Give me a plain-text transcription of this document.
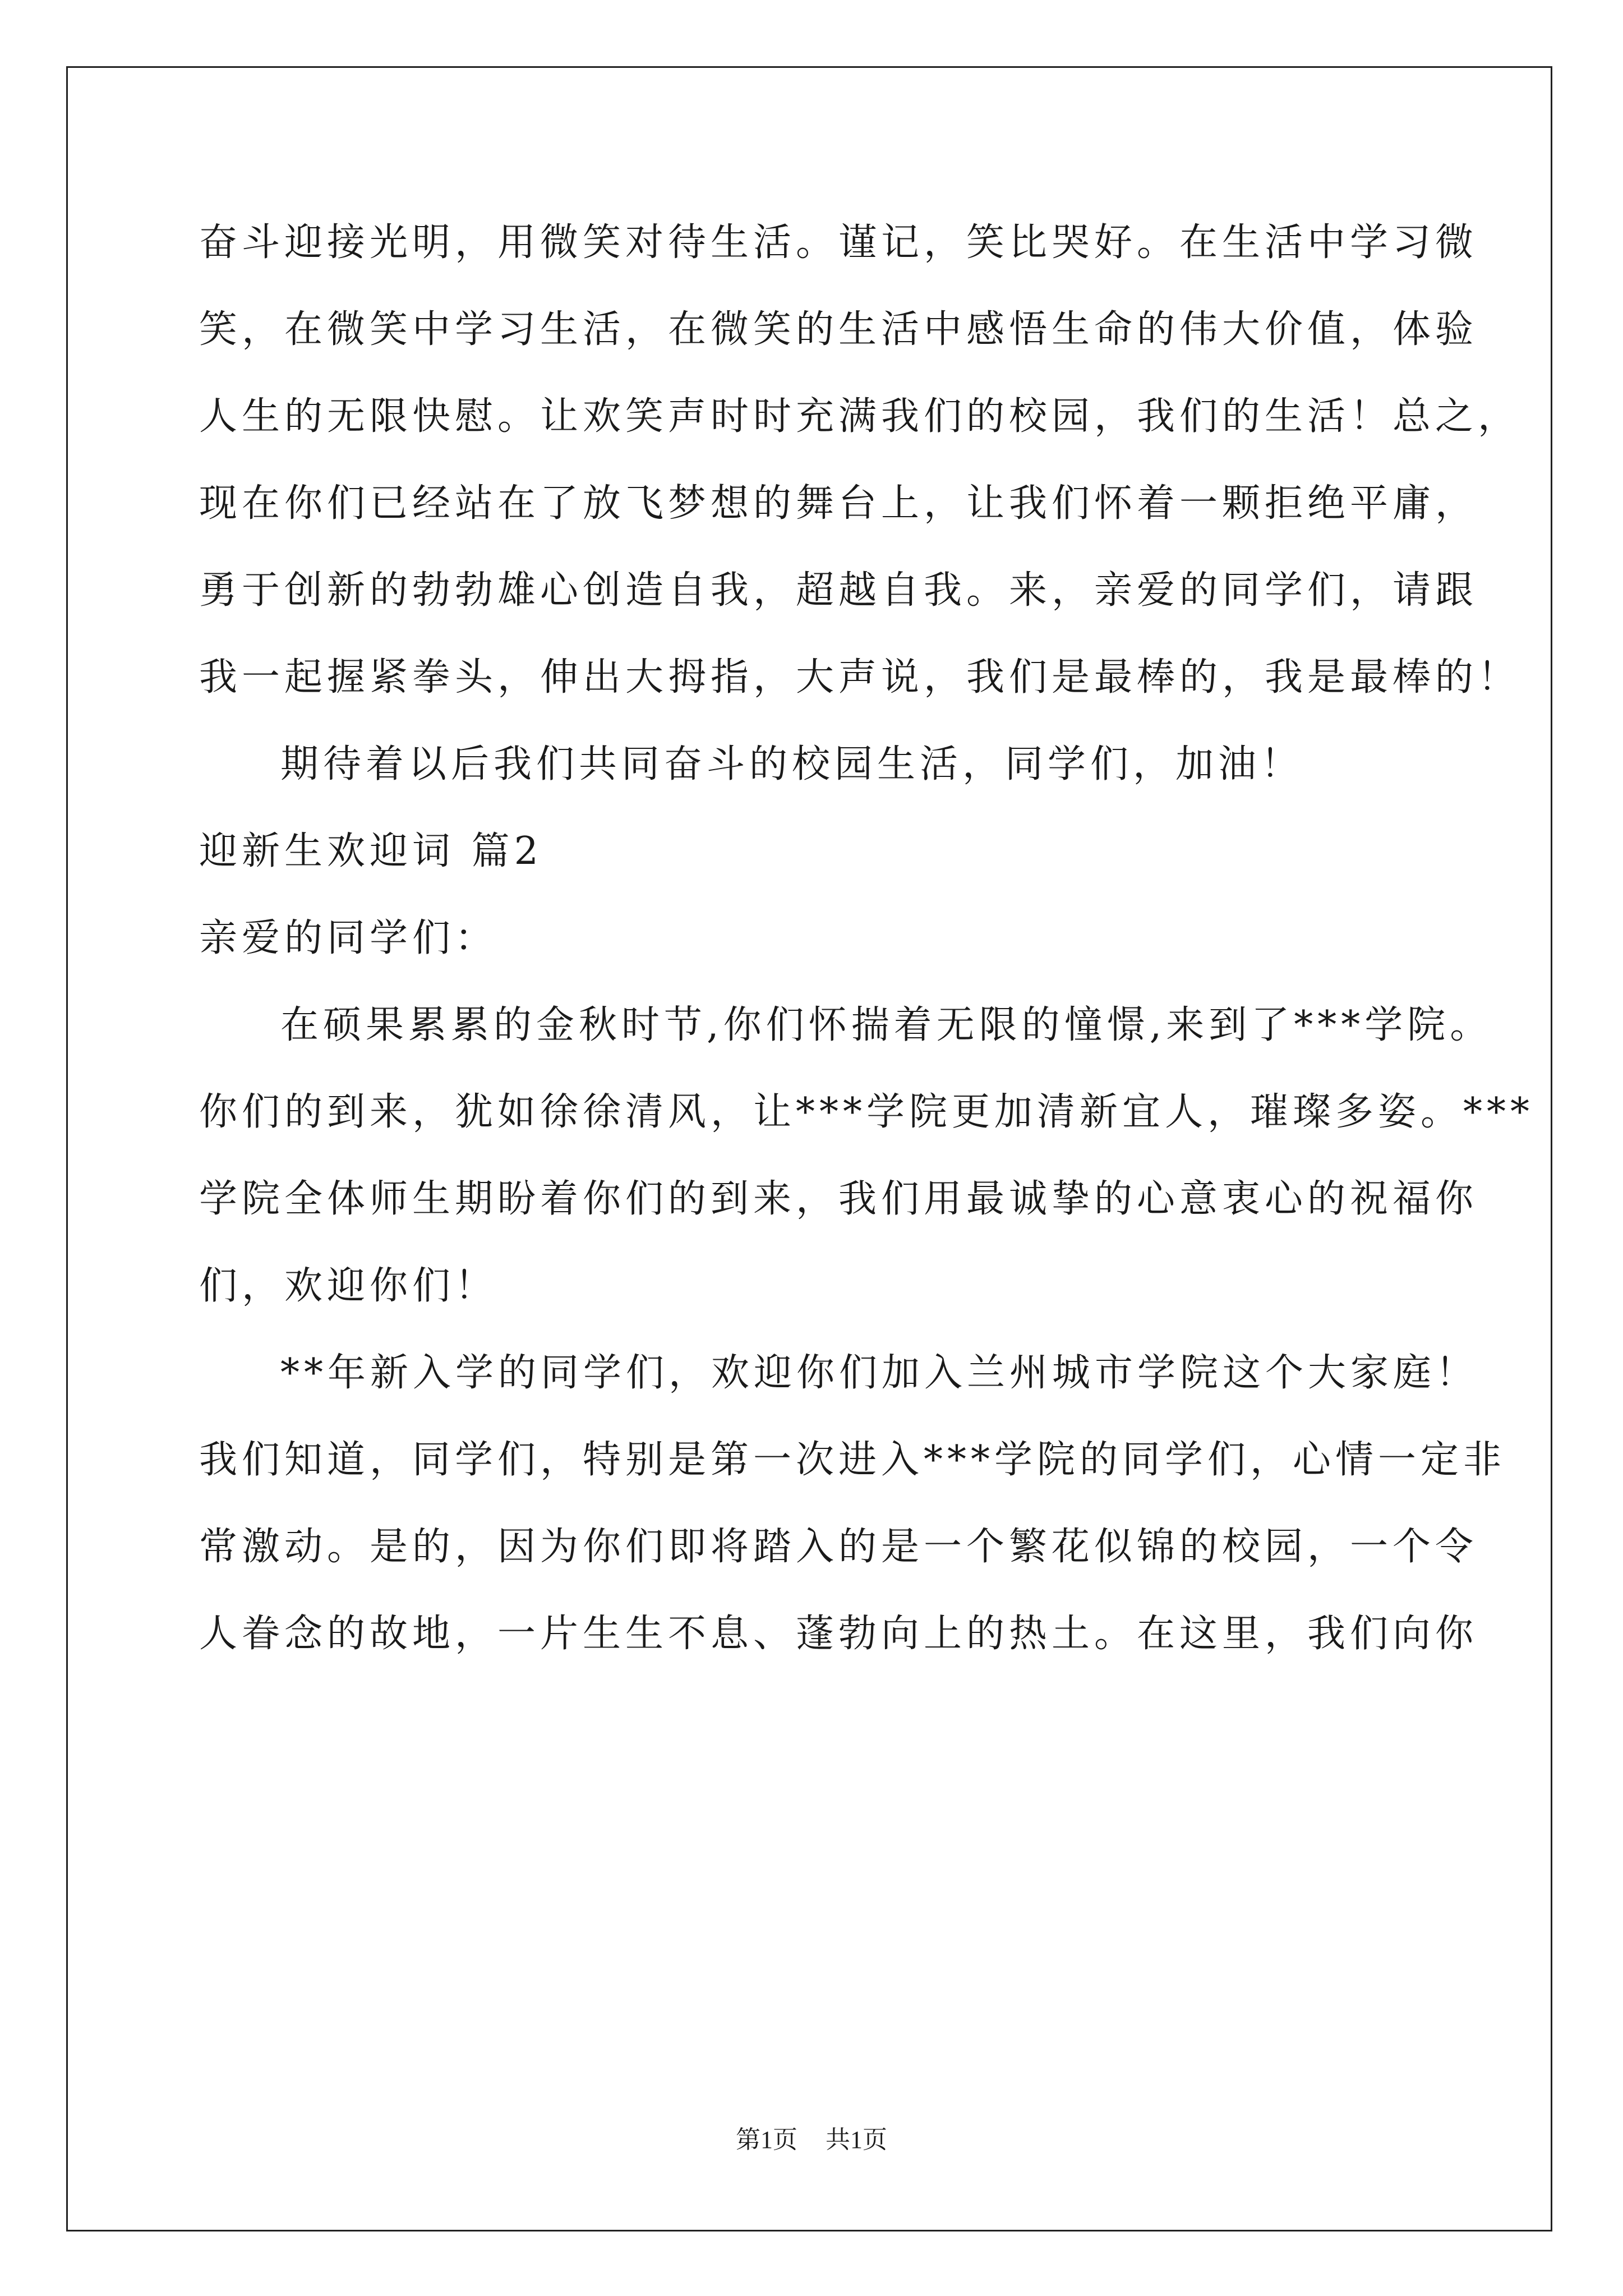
奋斗迎接光明，用微笑对待生活。谨记，笑比哭好。在生活中学习微
笑，在微笑中学习生活，在微笑的生活中感悟生命的伟大价值，体验
人生的无限快慰。让欢笑声时时充满我们的校园，我们的生活！总之，
现在你们已经站在了放飞梦想的舞台上，让我们怀着一颗拒绝平庸，
勇于创新的勃勃雄心创造自我，超越自我。来，亲爱的同学们，请跟
我一起握紧拳头，伸出大拇指，大声说，我们是最棒的，我是最棒的！
期待着以后我们共同奋斗的校园生活，同学们，加油！
迎新生欢迎词 篇2
亲爱的同学们：
在硕果累累的金秋时节,你们怀揣着无限的憧憬,来到了***学院。
你们的到来，犹如徐徐清风，让***学院更加清新宜人，璀璨多姿。***
学院全体师生期盼着你们的到来，我们用最诚挚的心意衷心的祝福你
们，欢迎你们！
**年新入学的同学们，欢迎你们加入兰州城市学院这个大家庭！
我们知道，同学们，特别是第一次进入***学院的同学们，心情一定非
常激动。是的，因为你们即将踏入的是一个繁花似锦的校园，一个令
人眷念的故地，一片生生不息、蓬勃向上的热土。在这里，我们向你
第1页 共1页
